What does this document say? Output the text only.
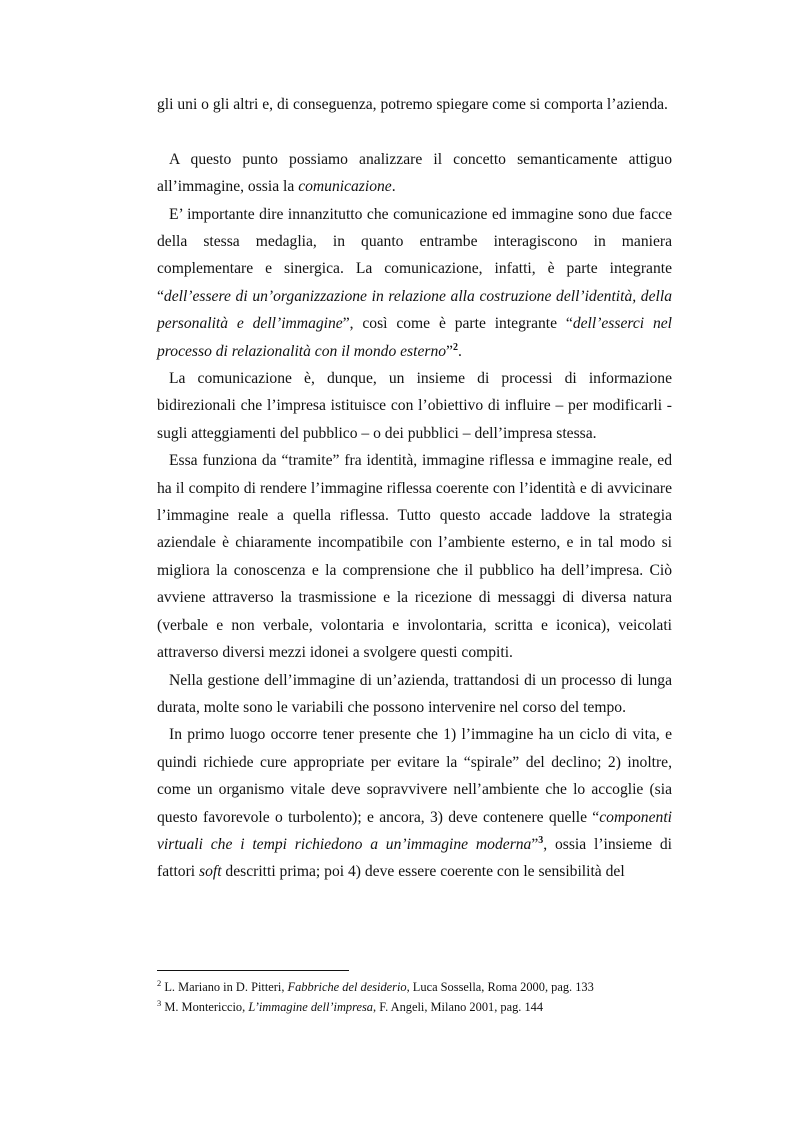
gli uni o gli altri e, di conseguenza, potremo spiegare come si comporta l’azienda.

A questo punto possiamo analizzare il concetto semanticamente attiguo all’immagine, ossia la comunicazione.

E’ importante dire innanzitutto che comunicazione ed immagine sono due facce della stessa medaglia, in quanto entrambe interagiscono in maniera complementare e sinergica. La comunicazione, infatti, è parte integrante “dell’essere di un’organizzazione in relazione alla costruzione dell’identità, della personalità e dell’immagine”, così come è parte integrante “dell’esserci nel processo di relazionalità con il mondo esterno”$^2$.

La comunicazione è, dunque, un insieme di processi di informazione bidirezionali che l’impresa istituisce con l’obiettivo di influire – per modificarli - sugli atteggiamenti del pubblico – o dei pubblici – dell’impresa stessa.

Essa funziona da “tramite” fra identità, immagine riflessa e immagine reale, ed ha il compito di rendere l’immagine riflessa coerente con l’identità e di avvicinare l’immagine reale a quella riflessa. Tutto questo accade laddove la strategia aziendale è chiaramente incompatibile con l’ambiente esterno, e in tal modo si migliora la conoscenza e la comprensione che il pubblico ha dell’impresa. Ciò avviene attraverso la trasmissione e la ricezione di messaggi di diversa natura (verbale e non verbale, volontaria e involontaria, scritta e iconica), veicolati attraverso diversi mezzi idonei a svolgere questi compiti.

Nella gestione dell’immagine di un’azienda, trattandosi di un processo di lunga durata, molte sono le variabili che possono intervenire nel corso del tempo.

In primo luogo occorre tener presente che 1) l’immagine ha un ciclo di vita, e quindi richiede cure appropriate per evitare la “spirale” del declino; 2) inoltre, come un organismo vitale deve sopravvivere nell’ambiente che lo accoglie (sia questo favorevole o turbolento); e ancora, 3) deve contenere quelle “componenti virtuali che i tempi richiedono a un’immagine moderna”$^3$, ossia l’insieme di fattori soft descritti prima; poi 4) deve essere coerente con le sensibilità del

$^2$ L. Mariano in D. Pitteri, Fabbriche del desiderio, Luca Sossella, Roma 2000, pag. 133

$^3$ M. Montericcio, L’immagine dell’impresa, F. Angeli, Milano 2001, pag. 144
